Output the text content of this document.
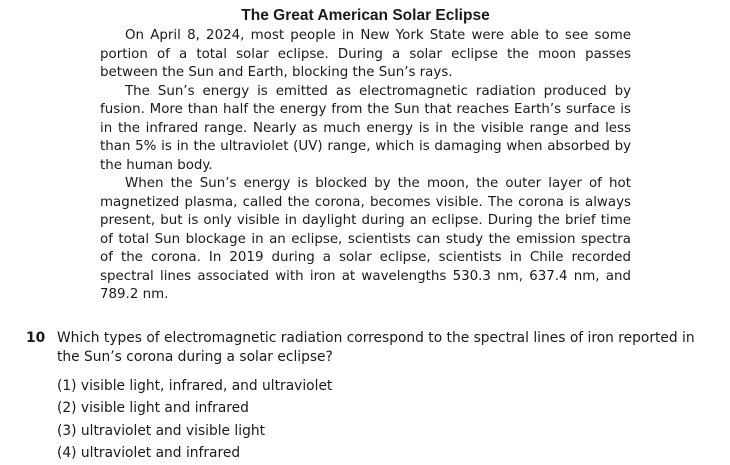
The Great American Solar Eclipse

On April 8, 2024, most people in New York State were able to see some portion of a total solar eclipse. During a solar eclipse the moon passes between the Sun and Earth, blocking the Sun’s rays.

The Sun’s energy is emitted as electromagnetic radiation produced by fusion. More than half the energy from the Sun that reaches Earth’s surface is in the infrared range. Nearly as much energy is in the visible range and less than 5% is in the ultraviolet (UV) range, which is damaging when absorbed by the human body.

When the Sun’s energy is blocked by the moon, the outer layer of hot magnetized plasma, called the corona, becomes visible. The corona is always present, but is only visible in daylight during an eclipse. During the brief time of total Sun blockage in an eclipse, scientists can study the emission spectra of the corona. In 2019 during a solar eclipse, scientists in Chile recorded spectral lines associated with iron at wavelengths 530.3 nm, 637.4 nm, and 789.2 nm.

10 Which types of electromagnetic radiation correspond to the spectral lines of iron reported in the Sun’s corona during a solar eclipse?

(1) visible light, infrared, and ultraviolet
(2) visible light and infrared
(3) ultraviolet and visible light
(4) ultraviolet and infrared
